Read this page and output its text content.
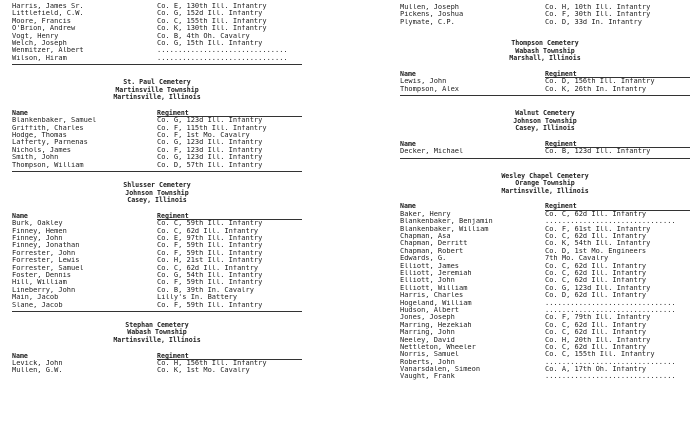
Harris, James Sr.	Co. E, 130th Ill. Infantry
Littlefield, C.W.	Co. G, 152d Ill. Infantry
Moore, Francis	Co. C, 155th Ill. Infantry
O'Brion, Andrew	Co. K, 130th Ill. Infantry
Vogt, Henry	Co. B, 4th Oh. Cavalry
Welch, Joseph	Co. G, 15th Ill. Infantry
Wenmitzer, Albert	...............................
Wilson, Hiram	...............................
St. Paul Cemetery
Martinsville Township
Martinsville, Illinois
Name	Regiment
Blankenbaker, Samuel	Co. G, 123d Ill. Infantry
Griffith, Charles	Co. F, 115th Ill. Infantry
Hodge, Thomas	Co. F, 1st Mo. Cavalry
Lafferty, Parnenas	Co. G, 123d Ill. Infantry
Nichols, James	Co. F, 123d Ill. Infantry
Smith, John	Co. G, 123d Ill. Infantry
Thompson, William	Co. D, 57th Ill. Infantry
Shlusser Cemetery
Johnson Township
Casey, Illinois
Name	Regiment
Burk, Oakley	Co. C, 59th Ill. Infantry
Finney, Hemen	Co. C, 62d Ill. Infantry
Finney, John	Co. E, 97th Ill. Infantry
Finney, Jonathan	Co. F, 59th Ill. Infantry
Forrester, John	Co. F, 59th Ill. Infantry
Forrester, Lewis	Co. H, 21st Ill. Infantry
Forrester, Samuel	Co. C, 62d Ill. Infantry
Foster, Dennis	Co. G, 54th Ill. Infantry
Hill, William	Co. F, 59th Ill. Infantry
Lineberry, John	Co. B, 39th In. Cavalry
Main, Jacob	Lilly's In. Battery
Slane, Jacob	Co. F, 59th Ill. Infantry
Stephan Cemetery
Wabash Township
Martinsville, Illinois
Name	Regiment
Levick, John	Co. H, 156th Ill. Infantry
Mullen, G.W.	Co. K, 1st Mo. Cavalry
Mullen, Joseph	Co. H, 10th Ill. Infantry
Pickens, Joshua	Co. F, 30th Ill. Infantry
Plymate, C.P.	Co. D, 33d In. Infantry
Thompson Cemetery
Wabash Township
Marshall, Illinois
Name	Regiment
Lewis, John	Co. D, 156th Ill. Infantry
Thompson, Alex	Co. K, 26th In. Infantry
Walnut Cemetery
Johnson Township
Casey, Illinois
Name	Regiment
Decker, Michael	Co. B, 123d Ill. Infantry
Wesley Chapel Cemetery
Orange Township
Martinsville, Illinois
Name	Regiment
Baker, Henry	Co. C, 62d Ill. Infantry
Blankenbaker, Benjamin	...............................
Blankenbaker, William	Co. F, 61st Ill. Infantry
Chapman, Asa	Co. C, 62d Ill. Infantry
Chapman, Derritt	Co. K, 54th Ill. Infantry
Chapman, Robert	Co. D, 1st Mo. Engineers
Edwards, G.	7th Mo. Cavalry
Elliott, James	Co. C, 62d Ill. Infantry
Elliott, Jeremiah	Co. C, 62d Ill. Infantry
Elliott, John	Co. C, 62d Ill. Infantry
Elliott, William	Co. G, 123d Ill. Infantry
Harris, Charles	Co. D, 62d Ill. Infantry
Hogeland, William	...............................
Hudson, Albert	...............................
Jones, Joseph	Co. F, 79th Ill. Infantry
Marring, Hezekiah	Co. C, 62d Ill. Infantry
Marring, John	Co. C, 62d Ill. Infantry
Neeley, David	Co. H, 20th Ill. Infantry
Nettleton, Wheeler	Co. C, 62d Ill. Infantry
Norris, Samuel	Co. C, 155th Ill. Infantry
Roberts, John	...............................
Vanarsdalen, Simeon	Co. A, 17th Oh. Infantry
Vaught, Frank	...............................
